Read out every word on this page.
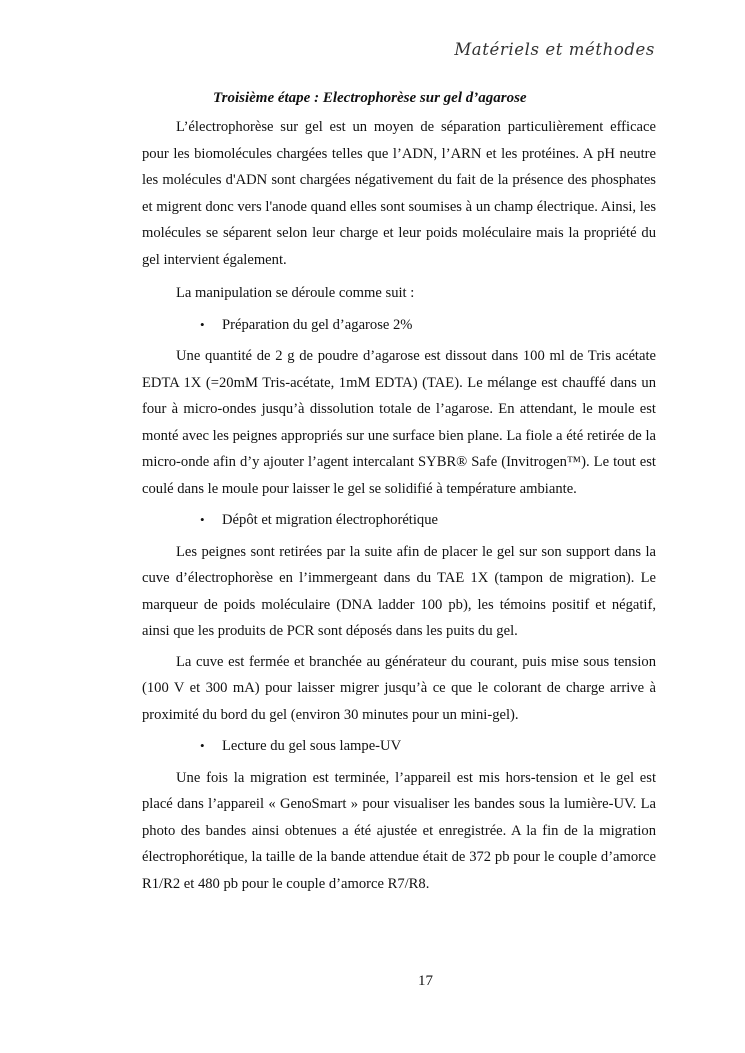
Matériels et méthodes

Troisième étape : Electrophorèse sur gel d’agarose

L’électrophorèse sur gel est un moyen de séparation particulièrement efficace pour les biomolécules chargées telles que l’ADN, l’ARN et les protéines. A pH neutre les molécules d'ADN sont chargées négativement du fait de la présence des phosphates et migrent donc vers l'anode quand elles sont soumises à un champ électrique. Ainsi, les molécules se séparent selon leur charge et leur poids moléculaire mais la propriété du gel intervient également.

La manipulation se déroule comme suit :

•	Préparation du gel d’agarose 2%

Une quantité de 2 g de poudre d’agarose est dissout dans 100 ml de Tris acétate EDTA 1X (=20mM Tris-acétate, 1mM EDTA) (TAE). Le mélange est chauffé dans un four à micro-ondes jusqu’à dissolution totale de l’agarose. En attendant, le moule est monté avec les peignes appropriés sur une surface bien plane. La fiole a été retirée de la micro-onde afin d’y ajouter l’agent intercalant SYBR® Safe (Invitrogen™). Le tout est coulé dans le moule pour laisser le gel se solidifié à température ambiante.

•	Dépôt et migration électrophorétique

Les peignes sont retirées par la suite afin de placer le gel sur son support dans la cuve d’électrophorèse en l’immergeant dans du TAE 1X (tampon de migration). Le marqueur de poids moléculaire (DNA ladder 100 pb), les témoins positif et négatif, ainsi que les produits de PCR sont déposés dans les puits du gel.

La cuve est fermée et branchée au générateur du courant, puis mise sous tension (100 V et 300 mA) pour laisser migrer jusqu’à ce que le colorant de charge arrive à proximité du bord du gel (environ 30 minutes pour un mini-gel).

•	Lecture du gel sous lampe-UV

Une fois la migration est terminée, l’appareil est mis hors-tension et le gel est placé dans l’appareil « GenoSmart » pour visualiser les bandes sous la lumière-UV. La photo des bandes ainsi obtenues a été ajustée et enregistrée. A la fin de la migration électrophorétique, la taille de la bande attendue était de 372 pb pour le couple d’amorce R1/R2 et 480 pb pour le couple d’amorce R7/R8.

17
